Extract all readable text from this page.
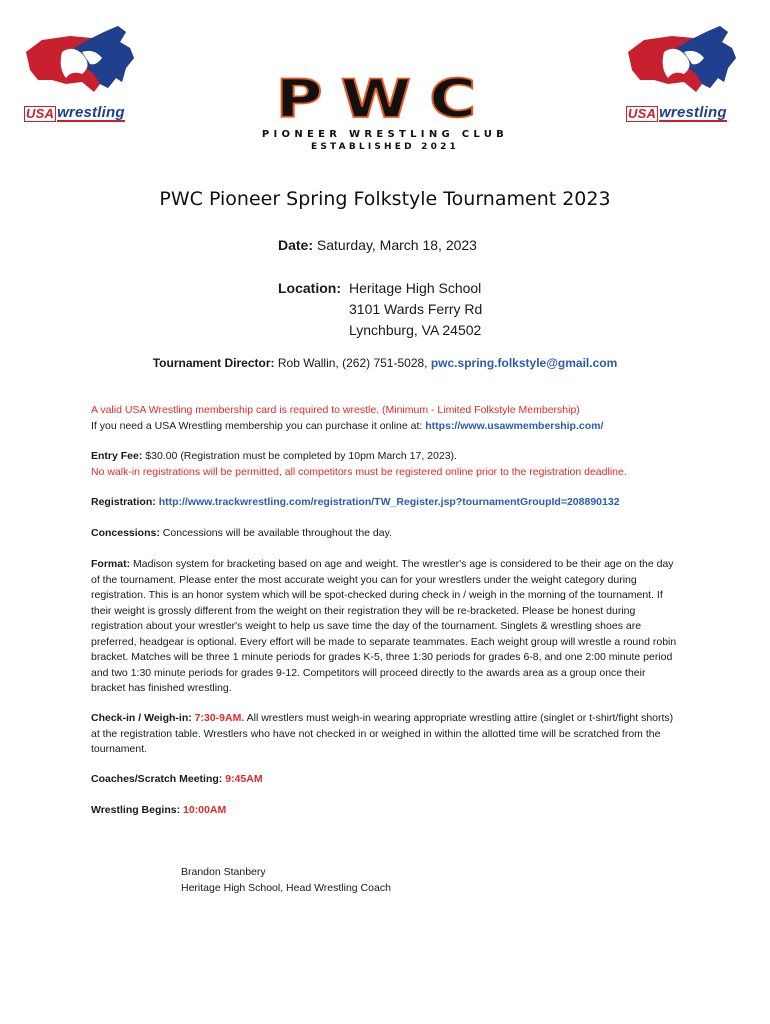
USA wrestling	USA wrestling
PWC
PIONEER WRESTLING CLUB
ESTABLISHED 2021
PWC Pioneer Spring Folkstyle Tournament 2023
Date: Saturday, March 18, 2023
Location: Heritage High School
3101 Wards Ferry Rd
Lynchburg, VA 24502
Tournament Director: Rob Wallin, (262) 751-5028, pwc.spring.folkstyle@gmail.com
A valid USA Wrestling membership card is required to wrestle. (Minimum - Limited Folkstyle Membership)
If you need a USA Wrestling membership you can purchase it online at: https://www.usawmembership.com/
Entry Fee: $30.00 (Registration must be completed by 10pm March 17, 2023).
No walk-in registrations will be permitted, all competitors must be registered online prior to the registration deadline.
Registration: http://www.trackwrestling.com/registration/TW_Register.jsp?tournamentGroupId=208890132
Concessions: Concessions will be available throughout the day.
Format: Madison system for bracketing based on age and weight. The wrestler's age is considered to be their age on the day of the tournament. Please enter the most accurate weight you can for your wrestlers under the weight category during registration. This is an honor system which will be spot-checked during check in / weigh in the morning of the tournament. If their weight is grossly different from the weight on their registration they will be re-bracketed. Please be honest during registration about your wrestler's weight to help us save time the day of the tournament. Singlets & wrestling shoes are preferred, headgear is optional. Every effort will be made to separate teammates. Each weight group will wrestle a round robin bracket. Matches will be three 1 minute periods for grades K-5, three 1:30 periods for grades 6-8, and one 2:00 minute period and two 1:30 minute periods for grades 9-12. Competitors will proceed directly to the awards area as a group once their bracket has finished wrestling.
Check-in / Weigh-in: 7:30-9AM. All wrestlers must weigh-in wearing appropriate wrestling attire (singlet or t-shirt/fight shorts) at the registration table. Wrestlers who have not checked in or weighed in within the allotted time will be scratched from the tournament.
Coaches/Scratch Meeting: 9:45AM
Wrestling Begins: 10:00AM
Brandon Stanbery
Heritage High School, Head Wrestling Coach
